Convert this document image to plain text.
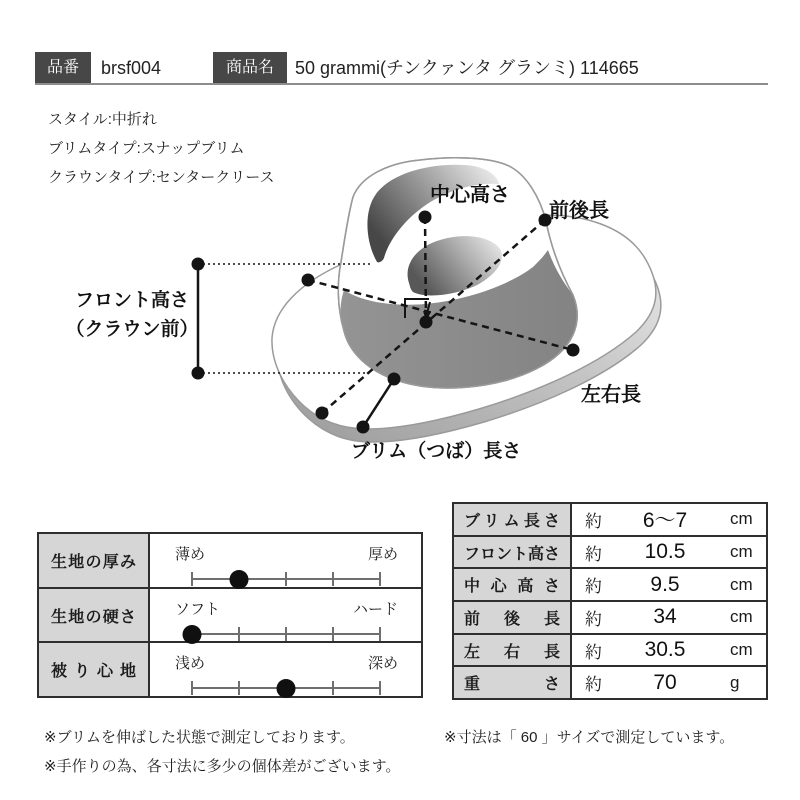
品番	brsf004	商品名	50 grammi(チンクァンタ グランミ) 114665
スタイル:中折れ
ブリムタイプ:スナップブリム
クラウンタイプ:センタークリース
中心高さ
前後長
左右長
ブリム（つば）長さ
フロント高さ
（クラウン前）
生地の厚み	薄め	厚め
生地の硬さ	ソフト	ハード
被り心地	浅め	深め
ブリム長さ	約	6〜7	cm
フロント高さ	約	10.5	cm
中心高さ	約	9.5	cm
前後長	約	34	cm
左右長	約	30.5	cm
重さ	約	70	g
※ブリムを伸ばした状態で測定しております。
※手作りの為、各寸法に多少の個体差がございます。
※寸法は「 60 」サイズで測定しています。
